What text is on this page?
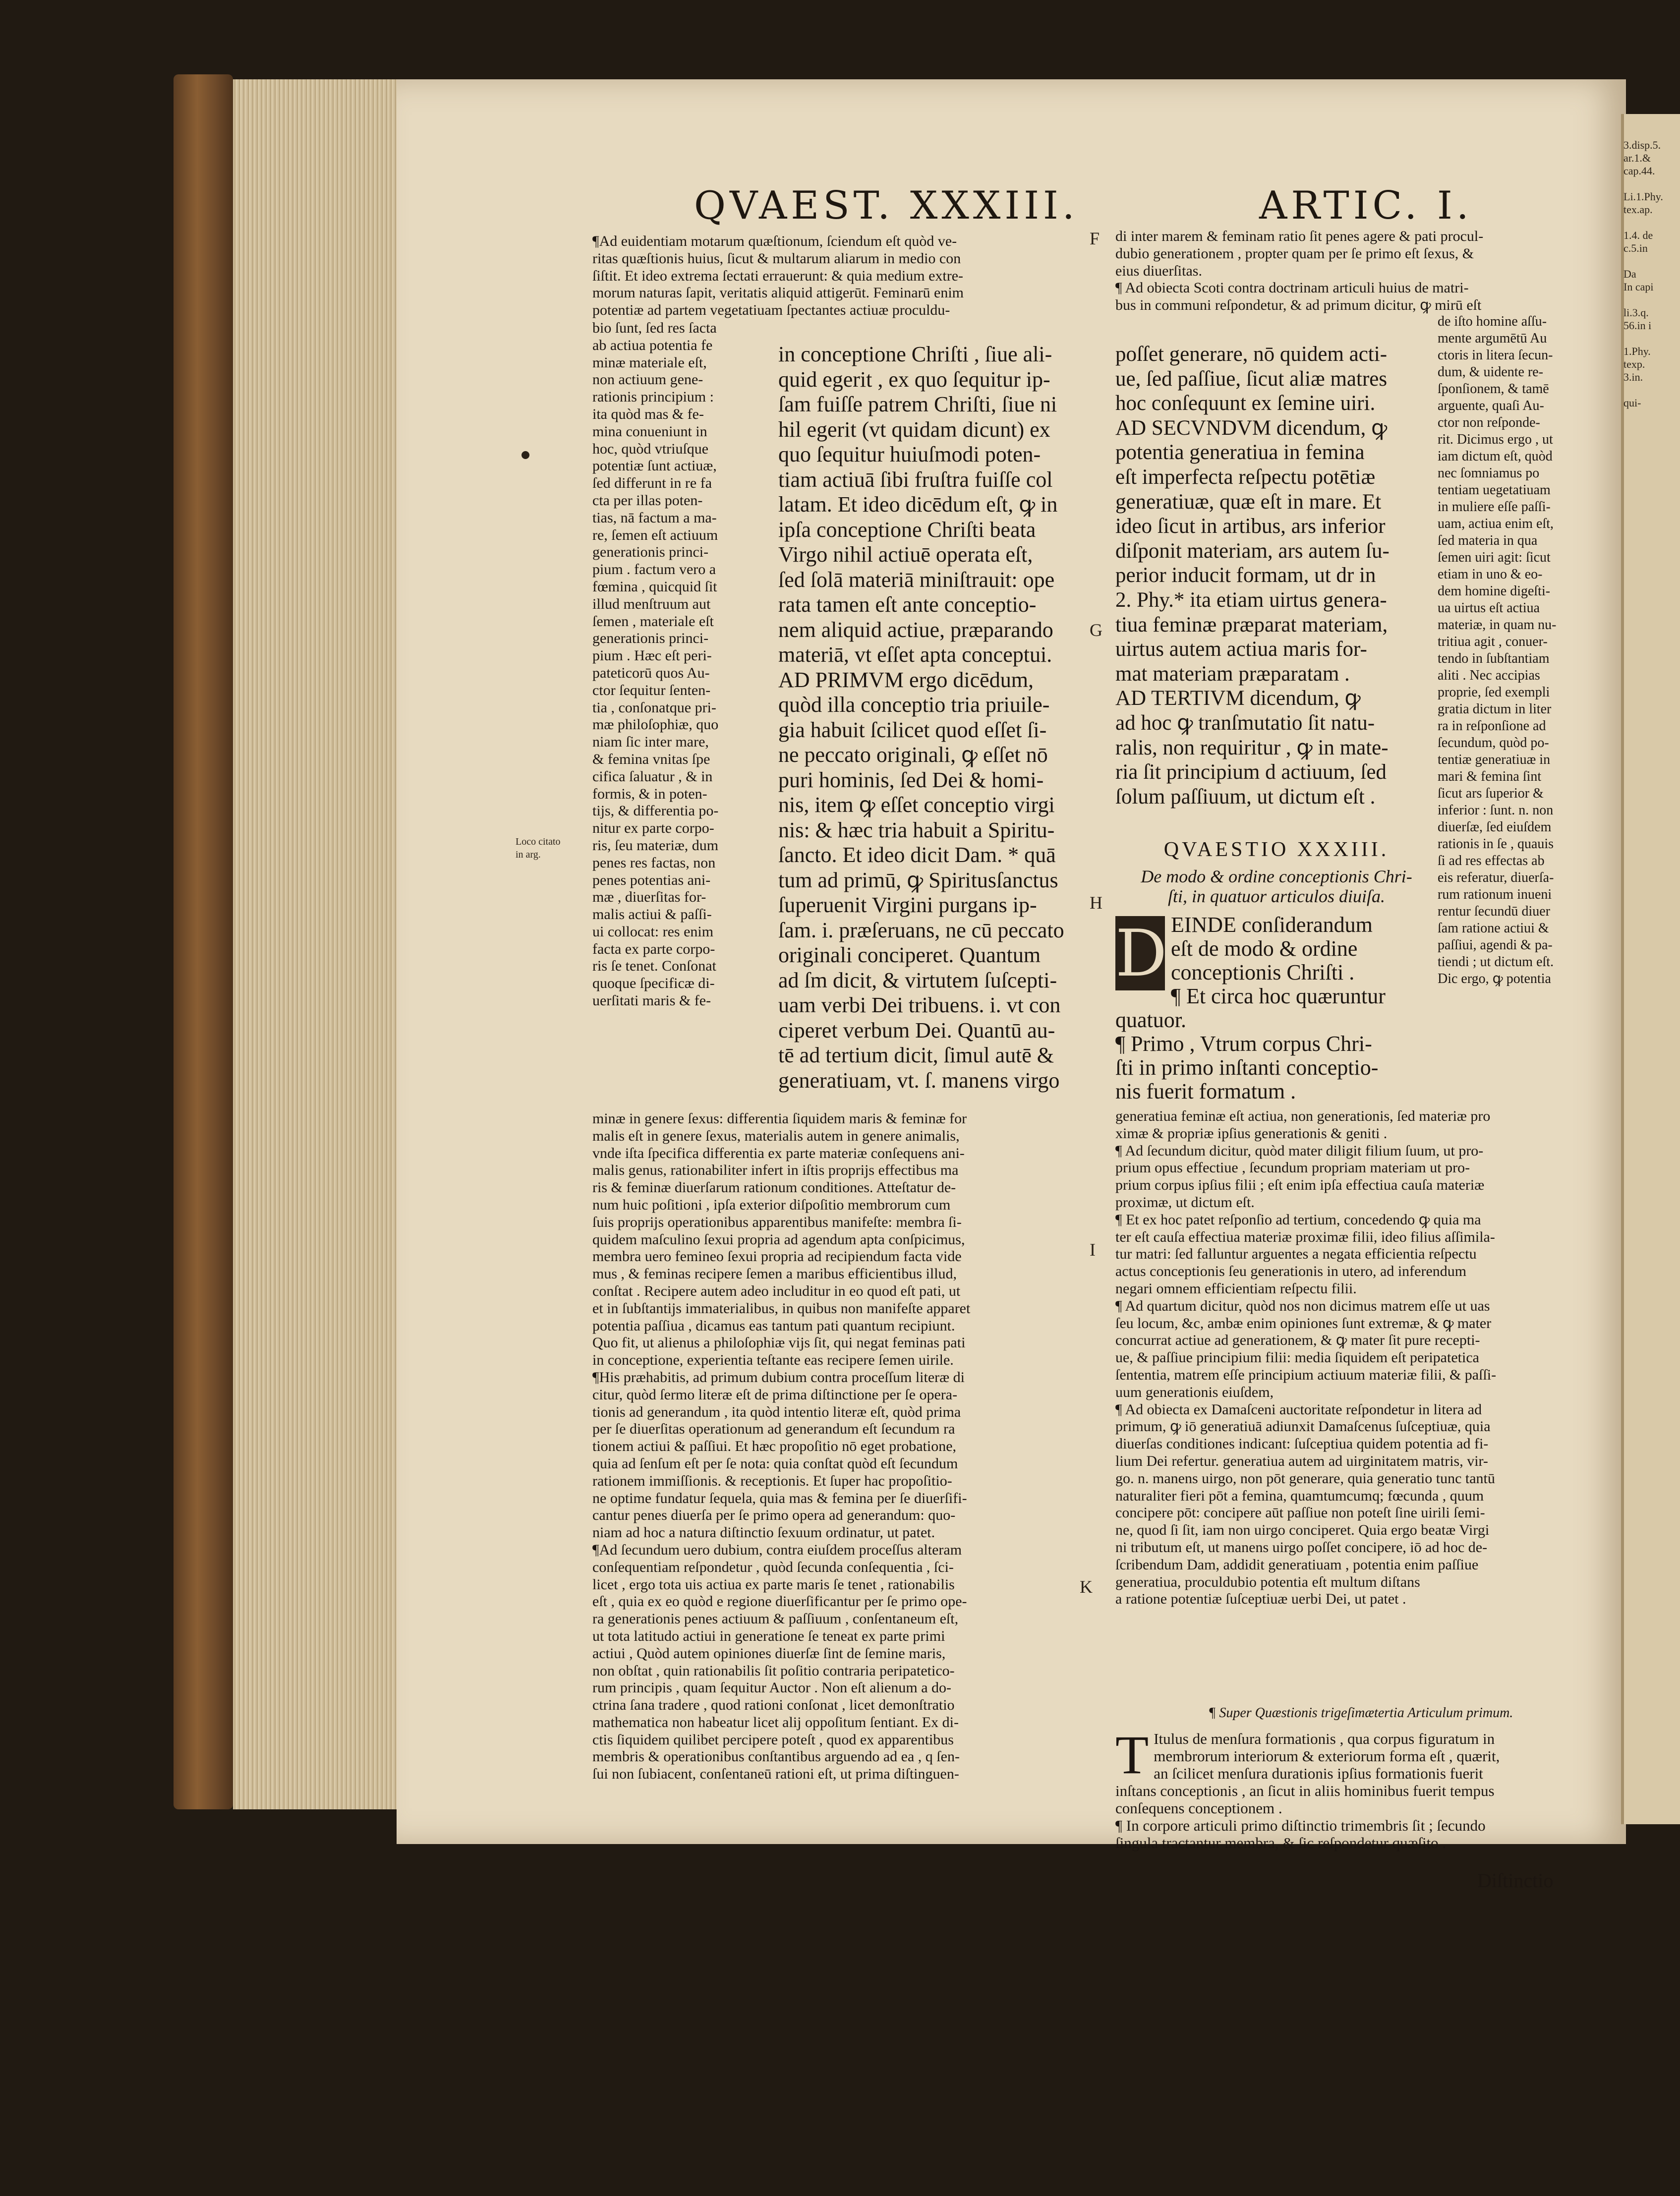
QVAEST. XXXIII.	ARTIC. I.

¶Ad euidentiam motarum quæſtionum, ſciendum eſt quòd ve-
ritas quæſtionis huius, ſicut & multarum aliarum in medio con
ſiſtit. Et ideo extrema ſectati errauerunt: & quia medium extre-
morum naturas ſapit, veritatis aliquid attigerūt. Feminarū enim
potentiæ ad partem vegetatiuam ſpectantes actiuæ proculdu-

bio ſunt, ſed res ſacta
ab actiua potentia fe
minæ materiale eſt,
non actiuum gene-
rationis principium :
ita quòd mas & fe-
mina conueniunt in
hoc, quòd vtriuſque
potentiæ ſunt actiuæ,
ſed differunt in re fa
cta per illas poten-
tias, nā factum a ma-
re, ſemen eſt actiuum
generationis princi-
pium . factum vero a
fœmina , quicquid ſit
illud menſtruum aut
ſemen , materiale eſt
generationis princi-
pium . Hæc eſt peri-
pateticorū quos Au-
ctor ſequitur ſenten-
tia , conſonatque pri-
mæ philoſophiæ, quo
niam ſic inter mare,
& femina vnitas ſpe
cifica ſaluatur , & in
formis, & in poten-
tijs, & differentia po-
nitur ex parte corpo-
ris, ſeu materiæ, dum
penes res factas, non
penes potentias ani-
mæ , diuerſitas for-
malis actiui & paſſi-
ui collocat: res enim
facta ex parte corpo-
ris ſe tenet. Conſonat
quoque ſpecificæ di-
uerſitati maris & fe-

minæ in genere ſexus: differentia ſiquidem maris & feminæ for
malis eſt in genere ſexus, materialis autem in genere animalis,
vnde iſta ſpecifica differentia ex parte materiæ conſequens ani-
malis genus, rationabiliter infert in iſtis proprijs effectibus ma
ris & feminæ diuerſarum rationum conditiones. Atteſtatur de-
num huic poſitioni , ipſa exterior diſpoſitio membrorum cum
ſuis proprijs operationibus apparentibus manifeſte: membra ſi-
quidem maſculino ſexui propria ad agendum apta conſpicimus,
membra uero femineo ſexui propria ad recipiendum facta vide
mus , & feminas recipere ſemen a maribus efficientibus illud,
conſtat . Recipere autem adeo includitur in eo quod eſt pati, ut
et in ſubſtantijs immaterialibus, in quibus non manifeſte apparet
potentia paſſiua , dicamus eas tantum pati quantum recipiunt.
Quo fit, ut alienus a philoſophiæ vijs ſit, qui negat feminas pati
in conceptione, experientia teſtante eas recipere ſemen uirile.
¶His præhabitis, ad primum dubium contra proceſſum literæ di
citur, quòd ſermo literæ eſt de prima diſtinctione per ſe opera-
tionis ad generandum , ita quòd intentio literæ eſt, quòd prima
per ſe diuerſitas operationum ad generandum eſt ſecundum ra
tionem actiui & paſſiui. Et hæc propoſitio nō eget probatione,
quia ad ſenſum eſt per ſe nota: quia conſtat quòd eſt ſecundum
rationem immiſſionis. & receptionis. Et ſuper hac propoſitio-
ne optime fundatur ſequela, quia mas & femina per ſe diuerſifi-
cantur penes diuerſa per ſe primo opera ad generandum: quo-
niam ad hoc a natura diſtinctio ſexuum ordinatur, ut patet.
¶Ad ſecundum uero dubium, contra eiuſdem proceſſus alteram
conſequentiam reſpondetur , quòd ſecunda conſequentia , ſci-
licet , ergo tota uis actiua ex parte maris ſe tenet , rationabilis
eſt , quia ex eo quòd e regione diuerſificantur per ſe primo ope-
ra generationis penes actiuum & paſſiuum , conſentaneum eſt,
ut tota latitudo actiui in generatione ſe teneat ex parte primi
actiui , Quòd autem opiniones diuerſæ ſint de ſemine maris,
non obſtat , quin rationabilis ſit poſitio contraria peripatetico-
rum principis , quam ſequitur Auctor . Non eſt alienum a do-
ctrina ſana tradere , quod rationi conſonat , licet demonſtratio
mathematica non habeatur licet alij oppoſitum ſentiant. Ex di-
ctis ſiquidem quilibet percipere poteſt , quod ex apparentibus
membris & operationibus conſtantibus arguendo ad ea , q ſen-
ſui non ſubiacent, conſentaneū rationi eſt, ut prima diſtinguen-

in conceptione Chriſti , ſiue ali-
quid egerit , ex quo ſequitur ip-
ſam fuiſſe patrem Chriſti, ſiue ni
hil egerit (vt quidam dicunt) ex
quo ſequitur huiuſmodi poten-
tiam actiuā ſibi fruſtra fuiſſe col
latam. Et ideo dicēdum eſt, ꝙ in
ipſa conceptione Chriſti beata
Virgo nihil actiuē operata eſt,
ſed ſolā materiā miniſtrauit: ope
rata tamen eſt ante conceptio-
nem aliquid actiue, præparando
materiā, vt eſſet apta conceptui.
AD PRIMVM ergo dicēdum,
quòd illa conceptio tria priuile-
gia habuit ſcilicet quod eſſet ſi-
ne peccato originali, ꝙ eſſet nō
puri hominis, ſed Dei & homi-
nis, item ꝙ eſſet conceptio virgi
nis: & hæc tria habuit a Spiritu-
ſancto. Et ideo dicit Dam. * quā
tum ad primū, ꝙ Spiritusſanctus
ſuperuenit Virgini purgans ip-
ſam. i. præſeruans, ne cū peccato
originali conciperet. Quantum
ad ſm dicit, & virtutem ſuſcepti-
uam verbi Dei tribuens. i. vt con
ciperet verbum Dei. Quantū au-
tē ad tertium dicit, ſimul autē &
generatiuam, vt. ſ. manens virgo

F
G
H
I
K
Loco citato
in arg.

di inter marem & feminam ratio ſit penes agere & pati procul-
dubio generationem , propter quam per ſe primo eſt ſexus, &
eius diuerſitas.
¶ Ad obiecta Scoti contra doctrinam articuli huius de matri-
bus in communi reſpondetur, & ad primum dicitur, ꝙ mirū eſt

poſſet generare, nō quidem acti-
ue, ſed paſſiue, ſicut aliæ matres
hoc conſequunt ex ſemine uiri.
AD SECVNDVM dicendum, ꝙ
potentia generatiua in femina
eſt imperfecta reſpectu potētiæ
generatiuæ, quæ eſt in mare. Et
ideo ſicut in artibus, ars inferior
diſponit materiam, ars autem ſu-
perior inducit formam, ut dr in
2. Phy.* ita etiam uirtus genera-
tiua feminæ præparat materiam,
uirtus autem actiua maris for-
mat materiam præparatam .
AD TERTIVM dicendum, ꝙ
ad hoc ꝙ tranſmutatio ſit natu-
ralis, non requiritur , ꝙ in mate-
ria ſit principium d actiuum, ſed
ſolum paſſiuum, ut dictum eſt .

de iſto homine aſſu-
mente argumētū Au
ctoris in litera ſecun-
dum, & uidente re-
ſponſionem, & tamē
arguente, quaſi Au-
ctor non reſponde-
rit. Dicimus ergo , ut
iam dictum eſt, quòd
nec ſomniamus po
tentiam uegetatiuam
in muliere eſſe paſſi-
uam, actiua enim eſt,
ſed materia in qua
ſemen uiri agit: ſicut
etiam in uno & eo-
dem homine digeſti-
ua uirtus eſt actiua
materiæ, in quam nu-
tritiua agit , conuer-
tendo in ſubſtantiam
aliti . Nec accipias
proprie, ſed exempli
gratia dictum in liter
ra in reſponſione ad
ſecundum, quòd po-
tentiæ generatiuæ in
mari & femina ſint
ſicut ars ſuperior &
inferior : ſunt. n. non
diuerſæ, ſed eiuſdem
rationis in ſe , quauis
ſi ad res effectas ab
eis referatur, diuerſa-
rum rationum inueni
rentur ſecundū diuer
ſam ratione actiui &
paſſiui, agendi & pa-
tiendi ; ut dictum eſt.
Dic ergo, ꝙ potentia

QVAESTIO XXXIII.

De modo & ordine conceptionis Chri-
ſti, in quatuor articulos diuiſa.

D EINDE conſiderandum
eſt de modo & ordine
conceptionis Chriſti .
¶ Et circa hoc quæruntur quatuor.
¶ Primo , Vtrum corpus Chri-
ſti in primo inſtanti conceptio-
nis fuerit formatum .

generatiua feminæ eſt actiua, non generationis, ſed materiæ pro
ximæ & propriæ ipſius generationis & geniti .
¶ Ad ſecundum dicitur, quòd mater diligit filium ſuum, ut pro-
prium opus effectiue , ſecundum propriam materiam ut pro-
prium corpus ipſius filii ; eſt enim ipſa effectiua cauſa materiæ
proximæ, ut dictum eſt.
¶ Et ex hoc patet reſponſio ad tertium, concedendo ꝙ quia ma
ter eſt cauſa effectiua materiæ proximæ filii, ideo filius aſſimila-
tur matri: ſed falluntur arguentes a negata efficientia reſpectu
actus conceptionis ſeu generationis in utero, ad inferendum
negari omnem efficientiam reſpectu filii.
¶ Ad quartum dicitur, quòd nos non dicimus matrem eſſe ut uas
ſeu locum, &c, ambæ enim opiniones ſunt extremæ, & ꝙ mater
concurrat actiue ad generationem, & ꝙ mater ſit pure recepti-
ue, & paſſiue principium filii: media ſiquidem eſt peripatetica
ſententia, matrem eſſe principium actiuum materiæ filii, & paſſi-
uum generationis eiuſdem,
¶ Ad obiecta ex Damaſceni auctoritate reſpondetur in litera ad
primum, ꝙ iō generatiuā adiunxit Damaſcenus ſuſceptiuæ, quia
diuerſas conditiones indicant: ſuſceptiua quidem potentia ad fi-
lium Dei refertur. generatiua autem ad uirginitatem matris, vir-
go. n. manens uirgo, non pōt generare, quia generatio tunc tantū
naturaliter fieri pōt a femina, quamtumcumq; fœcunda , quum
concipere pōt: concipere aūt paſſiue non poteſt ſine uirili ſemi-
ne, quod ſi ſit, iam non uirgo conciperet. Quia ergo beatæ Virgi
ni tributum eſt, ut manens uirgo poſſet concipere, iō ad hoc de-
ſcribendum Dam, addidit generatiuam , potentia enim paſſiue
generatiua, proculdubio potentia eſt multum diſtans
a ratione potentiæ ſuſceptiuæ uerbi Dei, ut patet .

¶ Super Quæstionis trigeſimætertia Articulum primum.

T Itulus de menſura formationis , qua corpus figuratum in
membrorum interiorum & exteriorum forma eſt , quærit,
an ſcilicet menſura durationis ipſius formationis fuerit
inſtans conceptionis , an ſicut in aliis hominibus fuerit tempus
conſequens conceptionem .
¶ In corpore articuli primo diſtinctio trimembris ſit ; ſecundo
ſingula tractantur membra, & ſic reſpondetur quæſito .

Diſtinctio
3.disp.5.
ar.1.&
cap.44.

Li.1.Phy.
tex.ap.

1.4. de
c.5.in

Da
In capi

li.3.q.
56.in i

1.Phy.
texp.
3.in.

qui-
